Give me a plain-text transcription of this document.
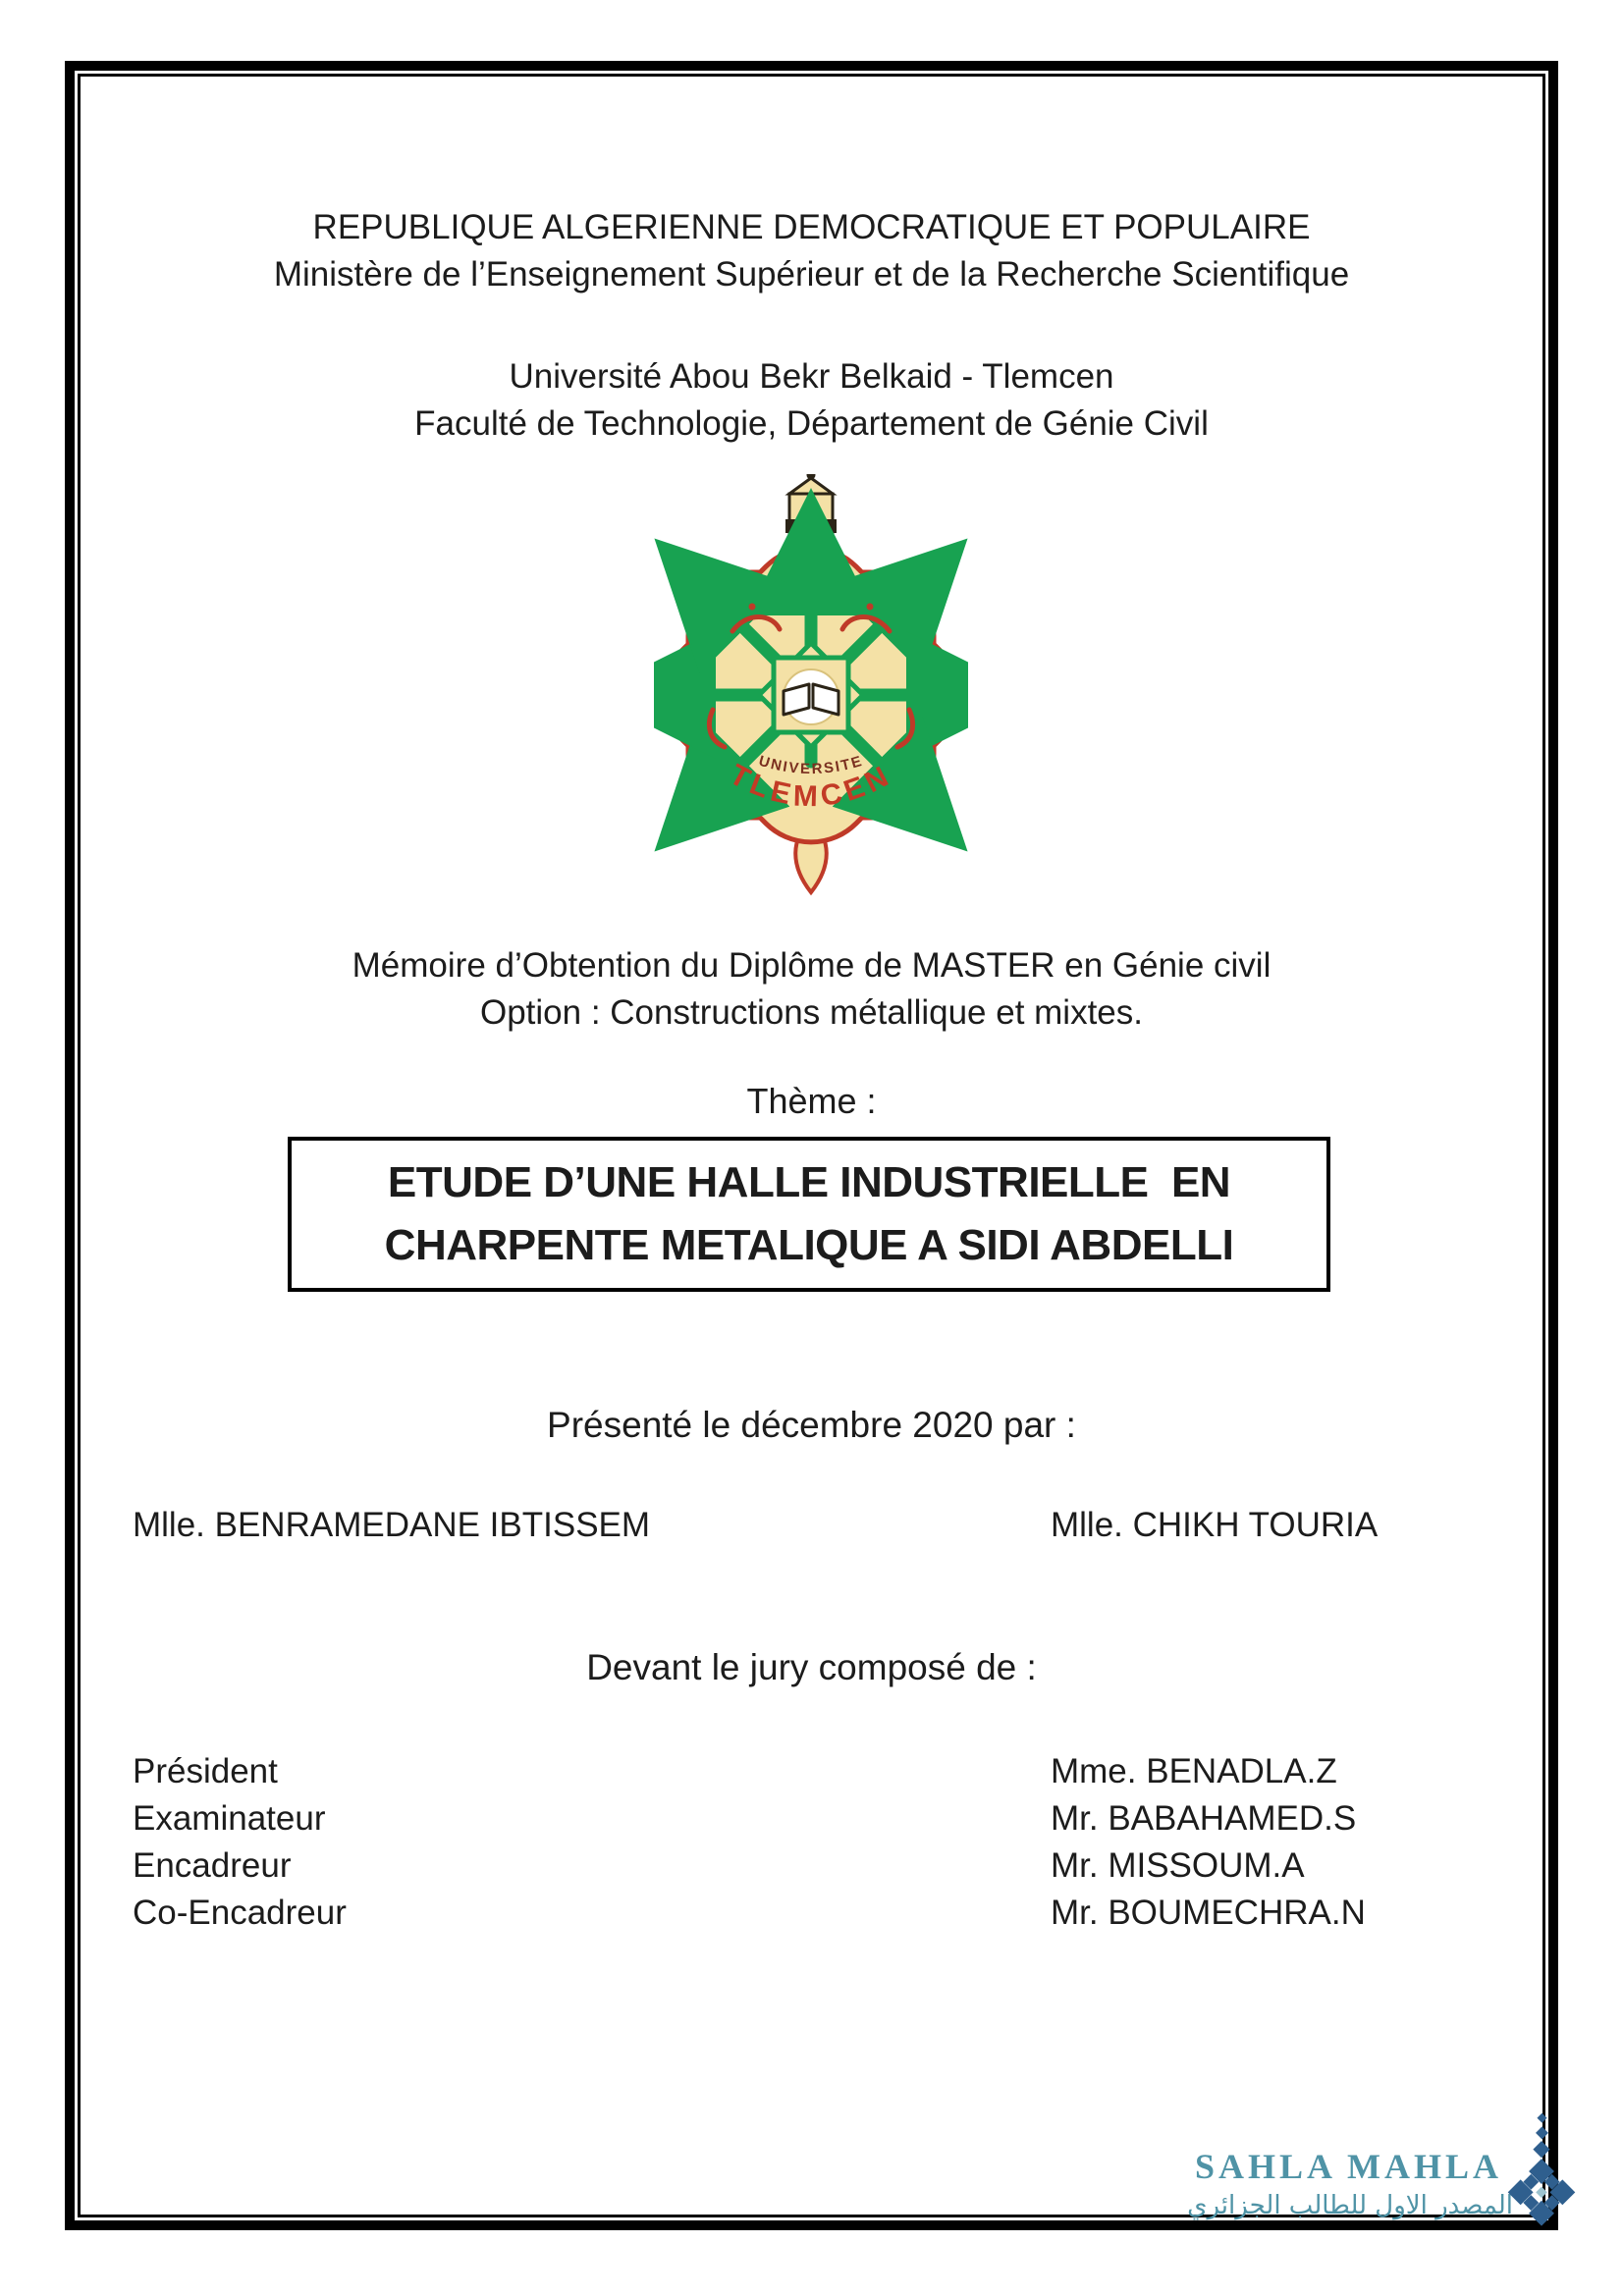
REPUBLIQUE ALGERIENNE DEMOCRATIQUE ET POPULAIRE
Ministère de l’Enseignement Supérieur et de la Recherche Scientifique
Université Abou Bekr Belkaid - Tlemcen
Faculté de Technologie, Département de Génie Civil
UNIVERSITE
TLEMCEN
Mémoire d’Obtention du Diplôme de MASTER en Génie civil
Option : Constructions métallique et mixtes.
Thème :
ETUDE D’UNE HALLE INDUSTRIELLE  EN
CHARPENTE METALIQUE A SIDI ABDELLI
Présenté le décembre 2020 par :
Mlle. BENRAMEDANE IBTISSEM	Mlle. CHIKH TOURIA
Devant le jury composé de :
Président	Mme. BENADLA.Z
Examinateur	Mr. BABAHAMED.S
Encadreur	Mr. MISSOUM.A
Co-Encadreur	Mr. BOUMECHRA.N
SAHLA MAHLA
المصدر الاول للطالب الجزائري
